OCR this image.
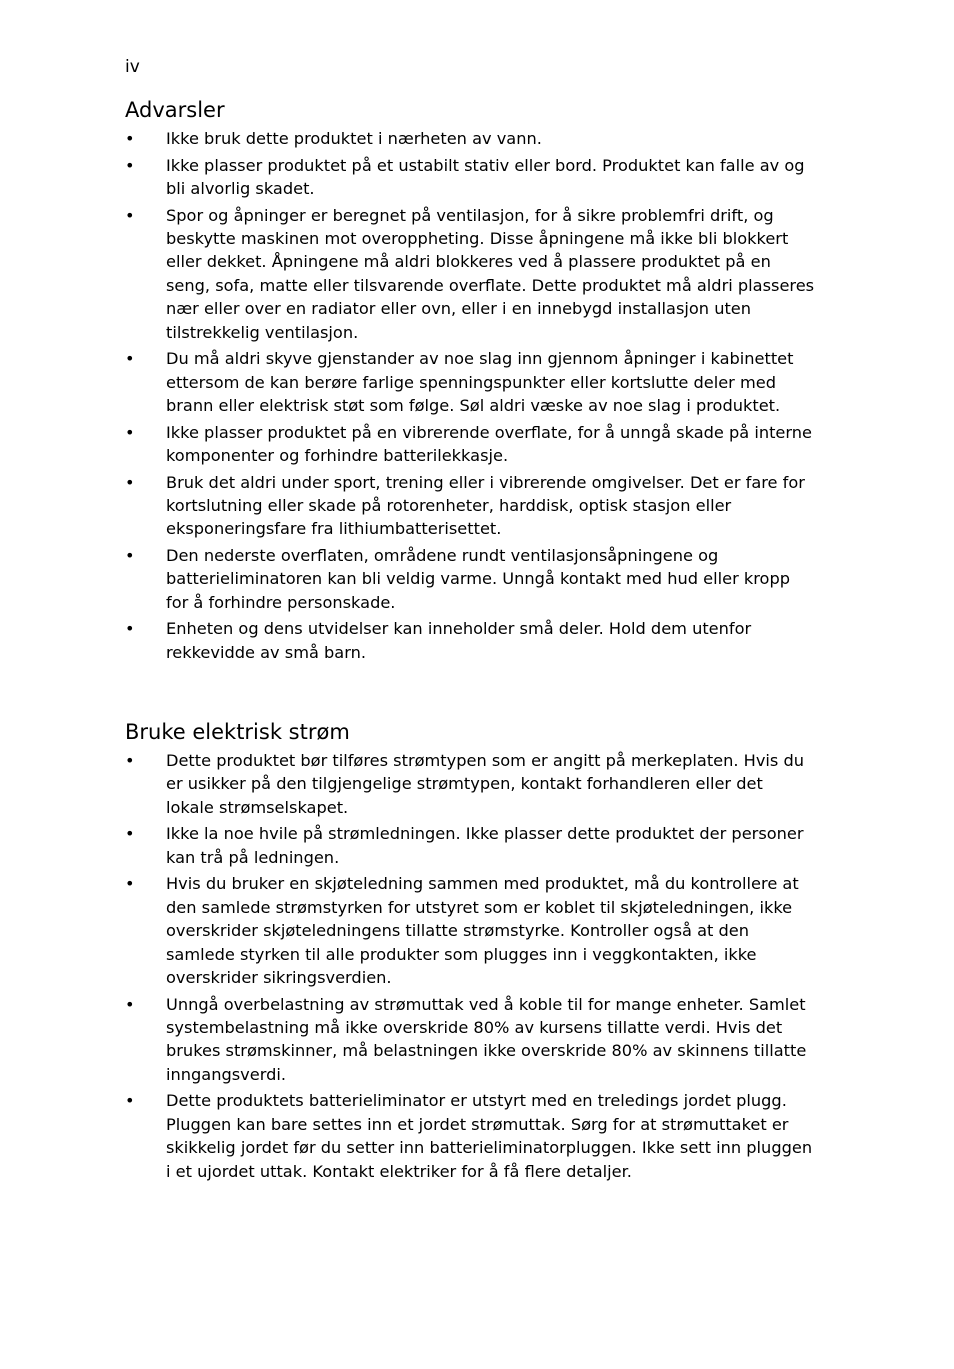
iv
Advarsler
• Ikke bruk dette produktet i nærheten av vann.
• Ikke plasser produktet på et ustabilt stativ eller bord. Produktet kan falle av og bli alvorlig skadet.
• Spor og åpninger er beregnet på ventilasjon, for å sikre problemfri drift, og beskytte maskinen mot overoppheting. Disse åpningene må ikke bli blokkert eller dekket. Åpningene må aldri blokkeres ved å plassere produktet på en seng, sofa, matte eller tilsvarende overflate. Dette produktet må aldri plasseres nær eller over en radiator eller ovn, eller i en innebygd installasjon uten tilstrekkelig ventilasjon.
• Du må aldri skyve gjenstander av noe slag inn gjennom åpninger i kabinettet ettersom de kan berøre farlige spenningspunkter eller kortslutte deler med brann eller elektrisk støt som følge. Søl aldri væske av noe slag i produktet.
• Ikke plasser produktet på en vibrerende overflate, for å unngå skade på interne komponenter og forhindre batterilekkasje.
• Bruk det aldri under sport, trening eller i vibrerende omgivelser. Det er fare for kortslutning eller skade på rotorenheter, harddisk, optisk stasjon eller eksponeringsfare fra lithiumbatterisettet.
• Den nederste overflaten, områdene rundt ventilasjonsåpningene og batterieliminatoren kan bli veldig varme. Unngå kontakt med hud eller kropp for å forhindre personskade.
• Enheten og dens utvidelser kan inneholder små deler. Hold dem utenfor rekkevidde av små barn.
Bruke elektrisk strøm
• Dette produktet bør tilføres strømtypen som er angitt på merkeplaten. Hvis du er usikker på den tilgjengelige strømtypen, kontakt forhandleren eller det lokale strømselskapet.
• Ikke la noe hvile på strømledningen. Ikke plasser dette produktet der personer kan trå på ledningen.
• Hvis du bruker en skjøteledning sammen med produktet, må du kontrollere at den samlede strømstyrken for utstyret som er koblet til skjøteledningen, ikke overskrider skjøteledningens tillatte strømstyrke. Kontroller også at den samlede styrken til alle produkter som plugges inn i veggkontakten, ikke overskrider sikringsverdien.
• Unngå overbelastning av strømuttak ved å koble til for mange enheter. Samlet systembelastning må ikke overskride 80% av kursens tillatte verdi. Hvis det brukes strømskinner, må belastningen ikke overskride 80% av skinnens tillatte inngangsverdi.
• Dette produktets batterieliminator er utstyrt med en treledings jordet plugg. Pluggen kan bare settes inn et jordet strømuttak. Sørg for at strømuttaket er skikkelig jordet før du setter inn batterieliminatorpluggen. Ikke sett inn pluggen i et ujordet uttak. Kontakt elektriker for å få flere detaljer.
